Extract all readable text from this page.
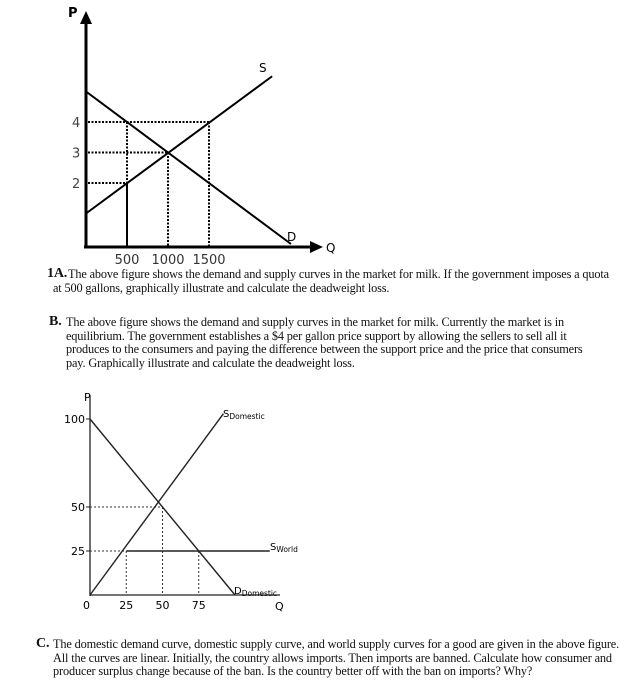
P
Q
2
3
4
500 1000 1500
S
D
P
Q
0
100
50
25
25 50 75
$S_{Domestic}$
$S_{World}$
$D_{Domestic}$
1A. The above figure shows the demand and supply curves in the market for milk. If the government imposes a quota
at 500 gallons, graphically illustrate and calculate the deadweight loss.
B. The above figure shows the demand and supply curves in the market for milk. Currently the market is in
equilibrium. The government establishes a $4 per gallon price support by allowing the sellers to sell all it
produces to the consumers and paying the difference between the support price and the price that consumers
pay. Graphically illustrate and calculate the deadweight loss.
C. The domestic demand curve, domestic supply curve, and world supply curves for a good are given in the above figure.
All the curves are linear. Initially, the country allows imports. Then imports are banned. Calculate how consumer and
producer surplus change because of the ban. Is the country better off with the ban on imports? Why?
